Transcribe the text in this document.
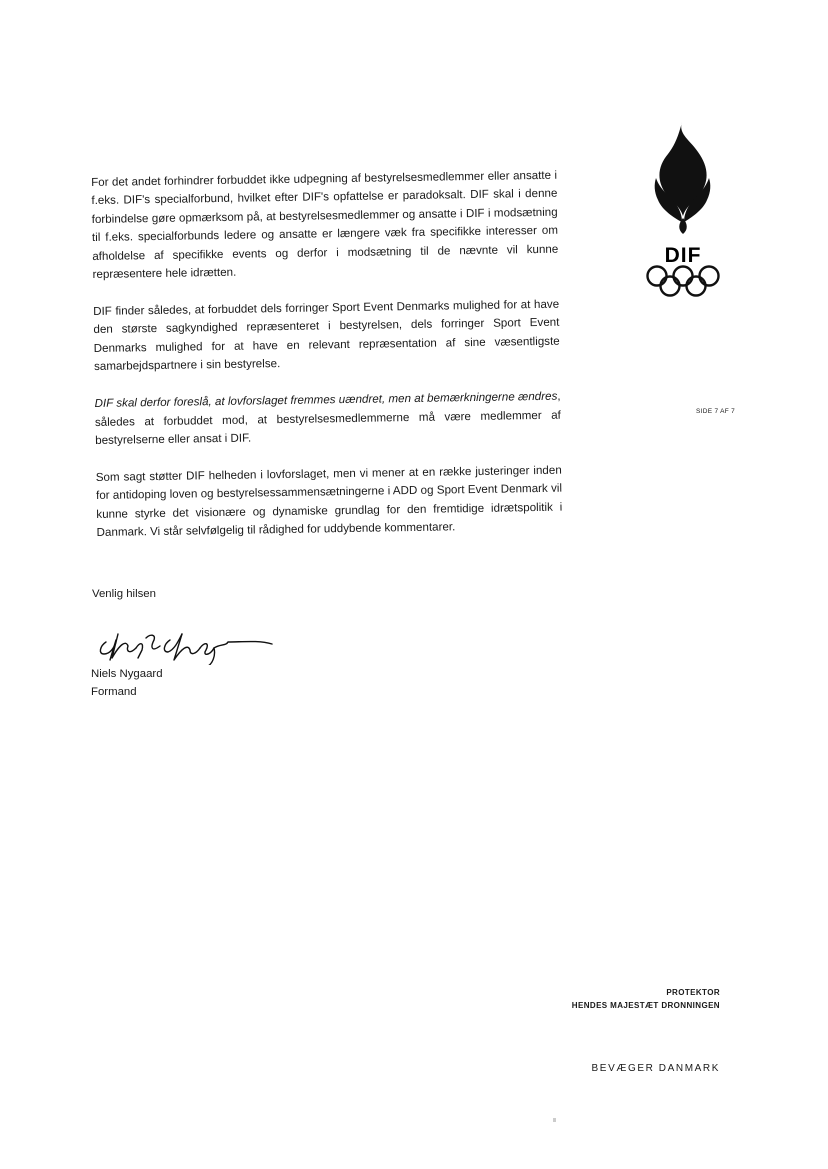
DIF
SIDE 7 AF 7

For det andet forhindrer forbuddet ikke udpegning af bestyrelsesmedlemmer eller ansatte i f.eks. DIF's specialforbund, hvilket efter DIF's opfattelse er paradoksalt. DIF skal i denne forbindelse gøre opmærksom på, at bestyrelsesmedlemmer og ansatte i DIF i modsætning til f.eks. specialforbunds ledere og ansatte er længere væk fra specifikke interesser om afholdelse af specifikke events og derfor i modsætning til de nævnte vil kunne repræsentere hele idrætten.

DIF finder således, at forbuddet dels forringer Sport Event Denmarks mulighed for at have den største sagkyndighed repræsenteret i bestyrelsen, dels forringer Sport Event Denmarks mulighed for at have en relevant repræsentation af sine væsentligste samarbejdspartnere i sin bestyrelse.

DIF skal derfor foreslå, at lovforslaget fremmes uændret, men at bemærkningerne ændres, således at forbuddet mod, at bestyrelsesmedlemmerne må være medlemmer af bestyrelserne eller ansat i DIF.

Som sagt støtter DIF helheden i lovforslaget, men vi mener at en række justeringer inden for antidoping loven og bestyrelsessammensætningerne i ADD og Sport Event Denmark vil kunne styrke det visionære og dynamiske grundlag for den fremtidige idrætspolitik i Danmark. Vi står selvfølgelig til rådighed for uddybende kommentarer.

Venlig hilsen
Niels Nygaard
Formand
PROTEKTOR
HENDES MAJESTÆT DRONNINGEN
BEVÆGER DANMARK
